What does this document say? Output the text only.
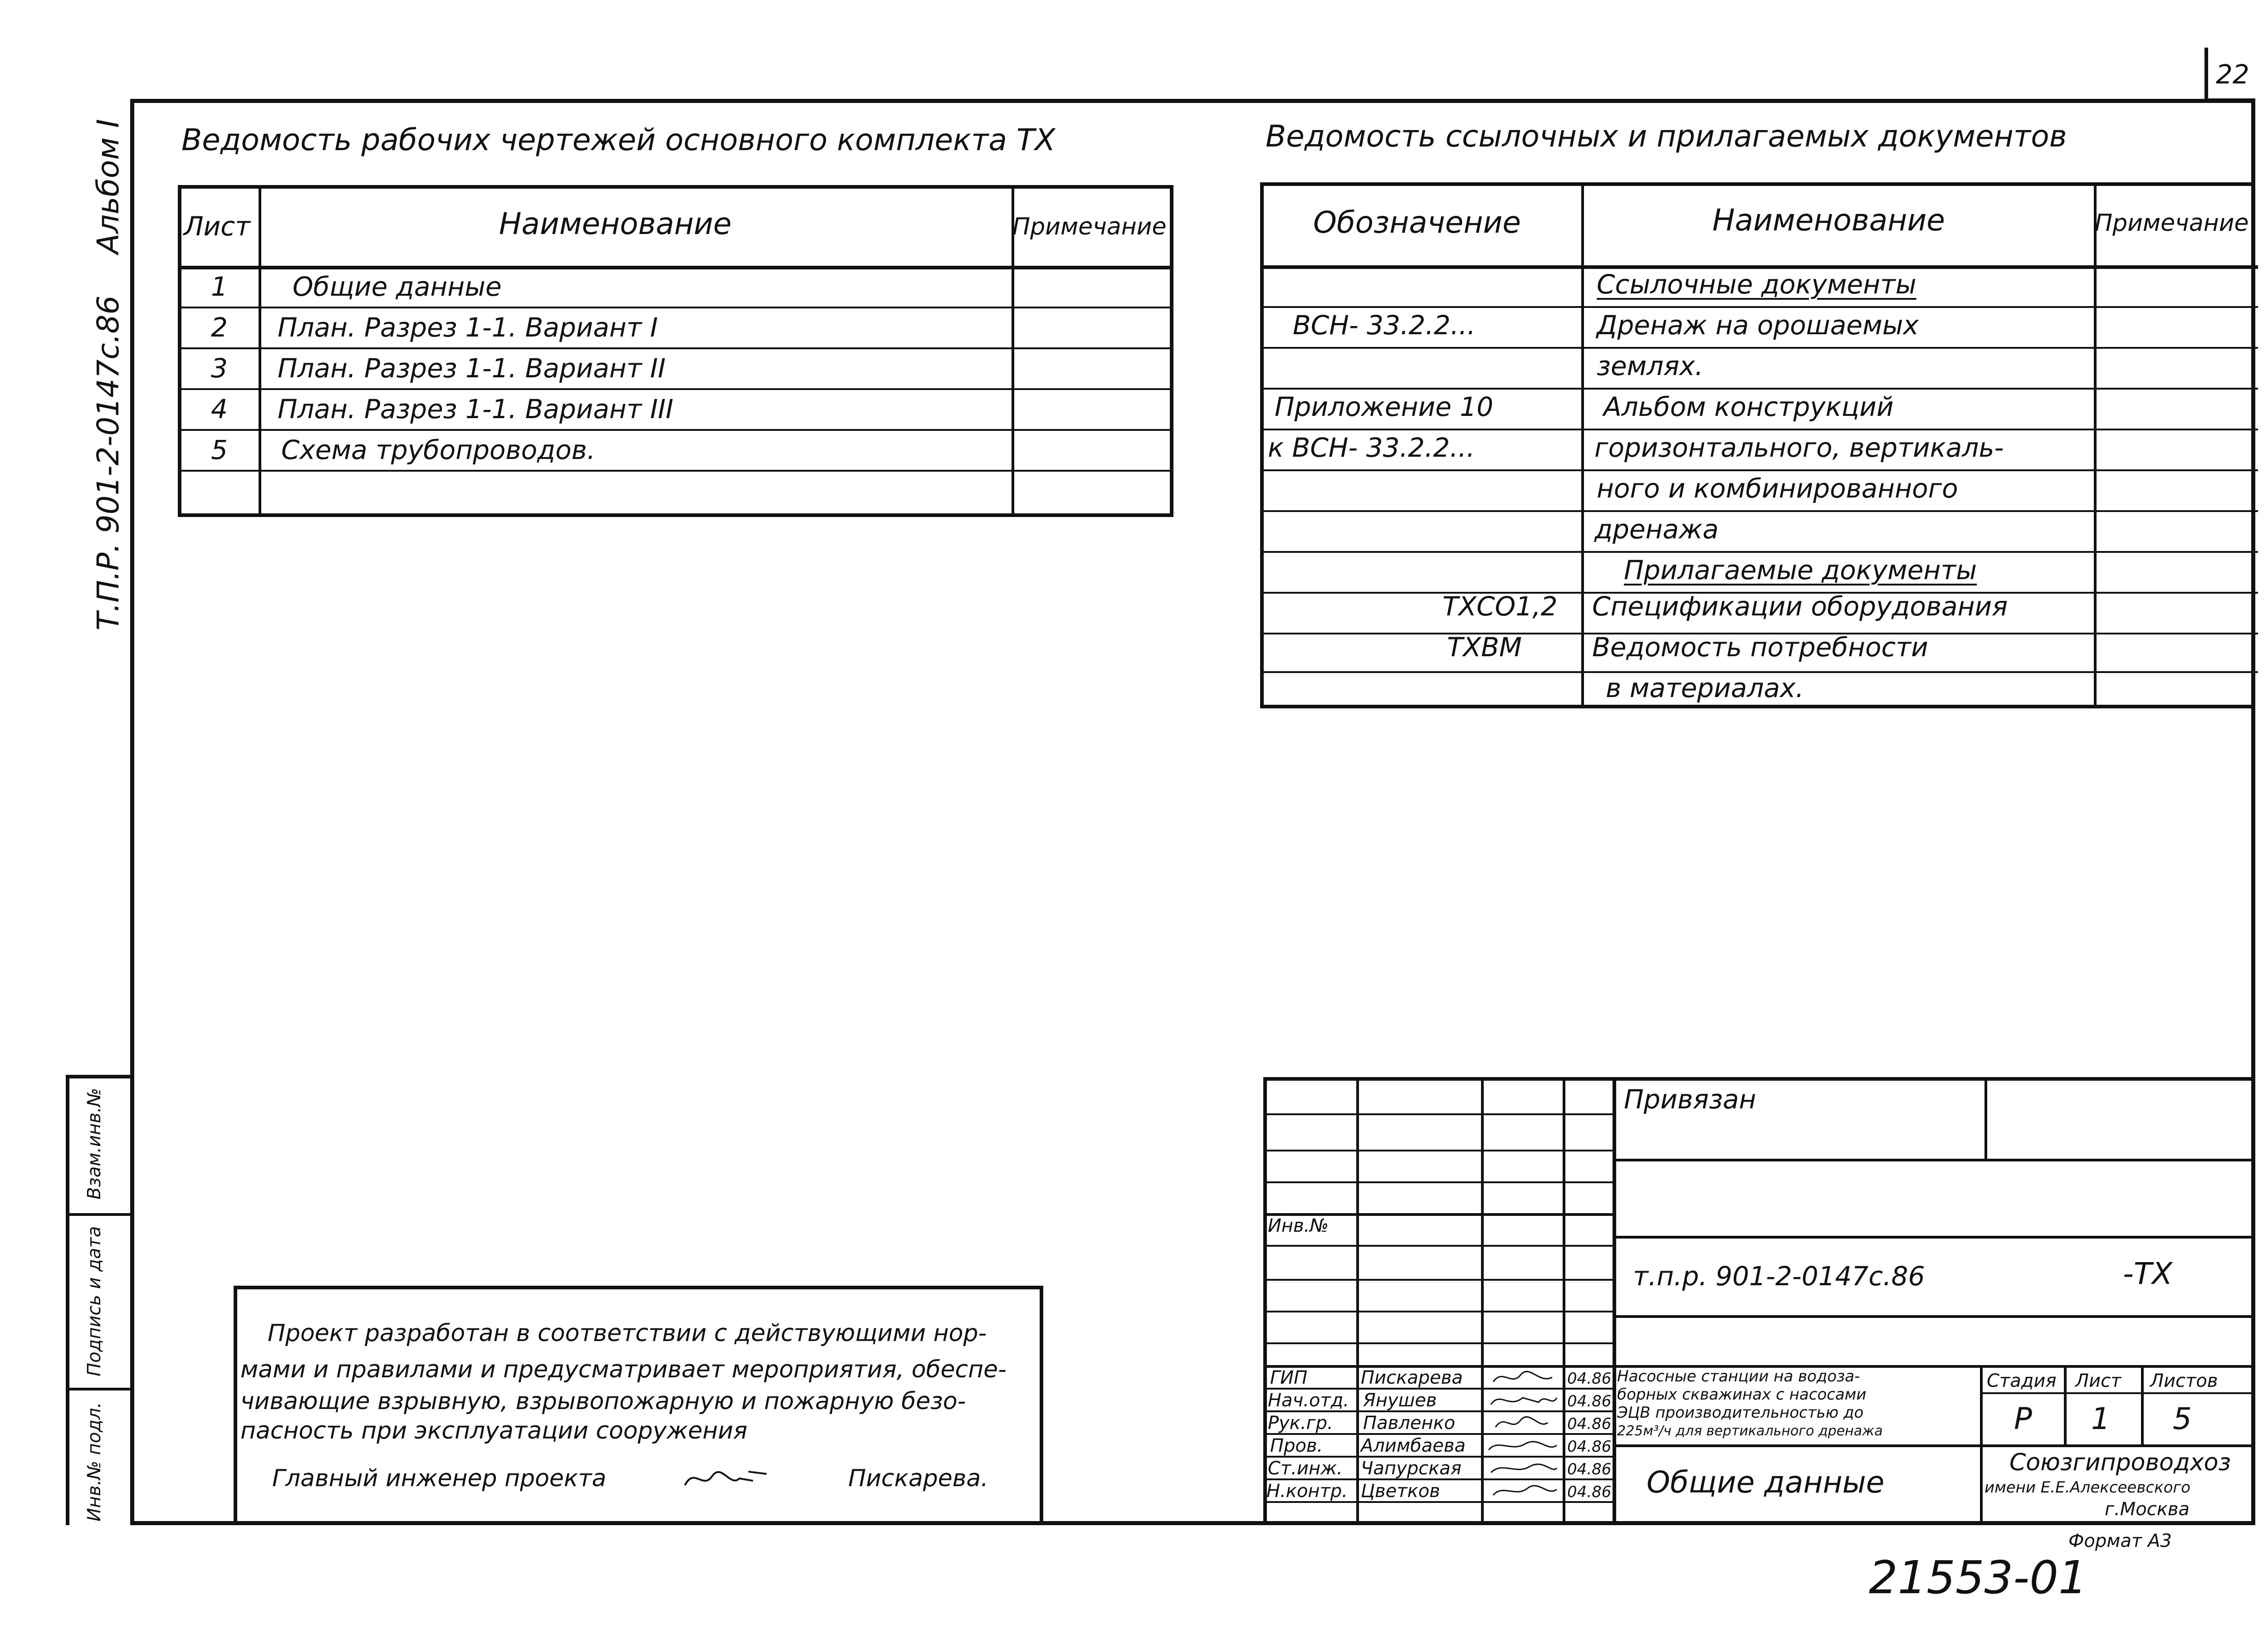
22
Альбом I
Т.П.Р. 901-2-0147с.86
Взам.инв.№
Подпись и дата
Инв.№ подл.
Ведомость рабочих чертежей основного комплекта ТХ
Лист	Наименование	Примечание
1 Общие данные
2 План. Разрез 1-1. Вариант I
3 План. Разрез 1-1. Вариант II
4 План. Разрез 1-1. Вариант III
5 Схема трубопроводов.
Ведомость ссылочных и прилагаемых документов
Обозначение	Наименование	Примечание
Ссылочные документы
ВСН- 33.2.2...	Дренаж на орошаемых
землях.
Приложение 10	Альбом конструкций
к ВСН- 33.2.2...	горизонтального, вертикаль-
ного и комбинированного
дренажа
Прилагаемые документы
ТХСО1,2 Спецификации оборудования
ТХВМ	Ведомость потребности
в материалах.
Проект разработан в соответствии с действующими нор-
мами и правилами и предусматривает мероприятия, обеспе-
чивающие взрывную, взрывопожарную и пожарную безо-
пасность при эксплуатации сооружения
Главный инженер проекта	Пискарева.
Привязан
Инв.№
т.п.р. 901-2-0147с.86	-ТХ
ГИП	Пискарева	04.86
Нач.отд. Янушев	04.86
Рук.гр. Павленко	04.86
Пров. Алимбаева	04.86
Ст.инж. Чапурская	04.86
Н.контр. Цветков	04.86
Насосные станции на водоза-
борных скважинах с насосами
ЭЦВ производительностью до
225м³/ч для вертикального дренажа
Стадия Лист Листов
Р 1 5
Общие данные
Союзгипроводхоз
имени Е.Е.Алексеевского
г.Москва
Формат А3
21553-01
